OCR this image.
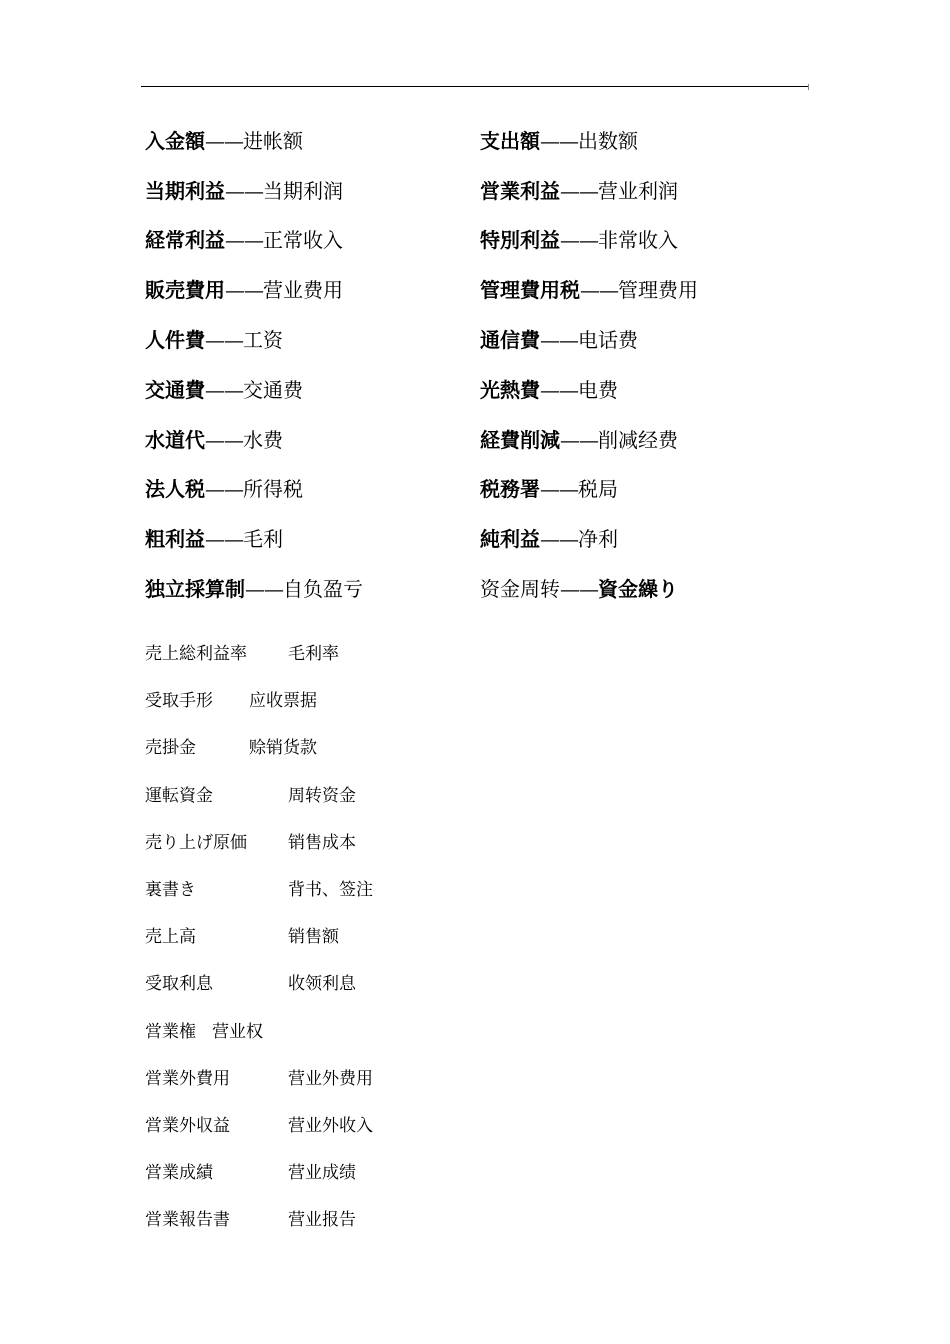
入金額——进帐额	支出額——出数额
当期利益——当期利润	営業利益——营业利润
経常利益——正常收入	特別利益——非常收入
販売費用——营业费用	管理費用税——管理费用
人件費——工资	通信費——电话费
交通費——交通费	光熱費——电费
水道代——水费	経費削減——削减经费
法人税——所得税	税務署——税局
粗利益——毛利	純利益——净利
独立採算制——自负盈亏	资金周转——資金繰り
売上総利益率	毛利率
受取手形	应收票据
売掛金	赊销货款
運転資金	周转资金
売り上げ原価	销售成本
裏書き	背书、签注
売上高	销售额
受取利息	收领利息
営業権 营业权
営業外費用	营业外费用
営業外収益	营业外收入
営業成績	营业成绩
営業報告書	营业报告
